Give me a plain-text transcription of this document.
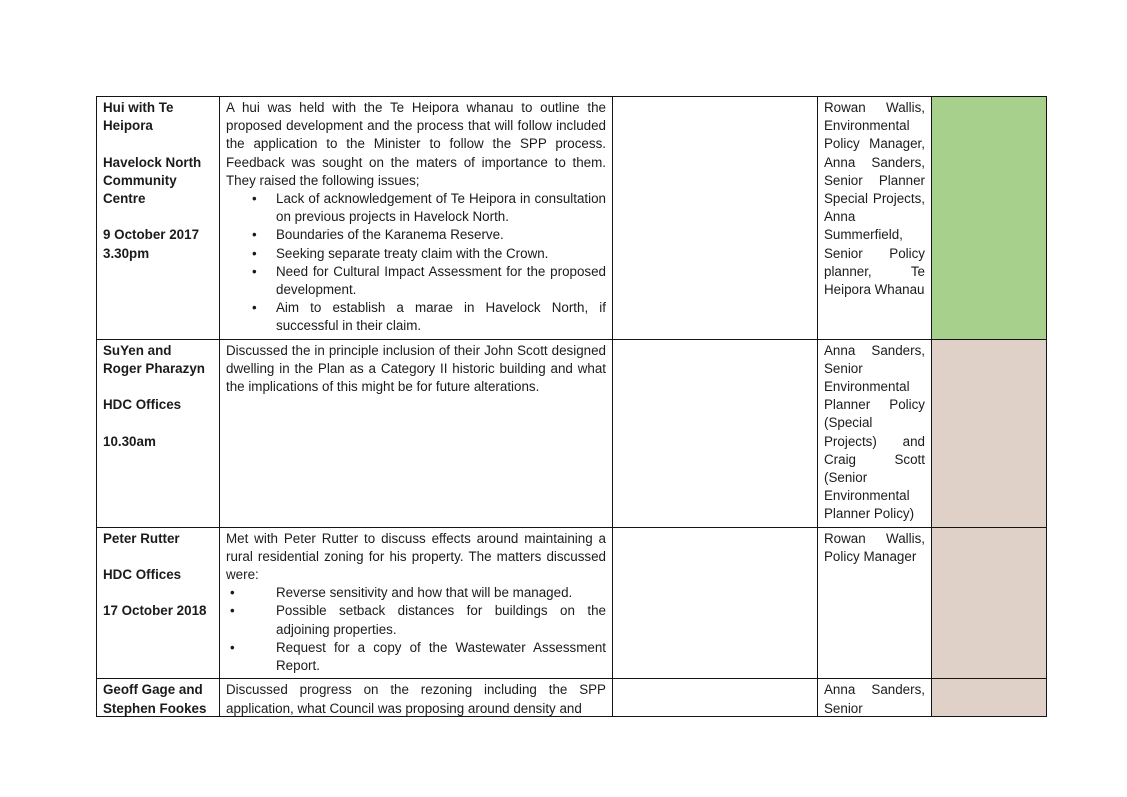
Hui with Te Heipora
Havelock North Community Centre
9 October 2017 3.30pm
A hui was held with the Te Heipora whanau to outline the proposed development and the process that will follow included the application to the Minister to follow the SPP process. Feedback was sought on the maters of importance to them. They raised the following issues;
• Lack of acknowledgement of Te Heipora in consultation on previous projects in Havelock North.
• Boundaries of the Karanema Reserve.
• Seeking separate treaty claim with the Crown.
• Need for Cultural Impact Assessment for the proposed development.
• Aim to establish a marae in Havelock North, if successful in their claim.
Rowan Wallis, Environmental Policy Manager, Anna Sanders, Senior Planner Special Projects, Anna Summerfield, Senior Policy planner, Te Heipora Whanau
SuYen and Roger Pharazyn
HDC Offices
10.30am
Discussed the in principle inclusion of their John Scott designed dwelling in the Plan as a Category II historic building and what the implications of this might be for future alterations.
Anna Sanders, Senior Environmental Planner Policy (Special Projects) and Craig Scott (Senior Environmental Planner Policy)
Peter Rutter
HDC Offices
17 October 2018
Met with Peter Rutter to discuss effects around maintaining a rural residential zoning for his property. The matters discussed were:
• Reverse sensitivity and how that will be managed.
• Possible setback distances for buildings on the adjoining properties.
• Request for a copy of the Wastewater Assessment Report.
Rowan Wallis, Policy Manager
Geoff Gage and Stephen Fookes
Discussed progress on the rezoning including the SPP application, what Council was proposing around density and
Anna Sanders, Senior
